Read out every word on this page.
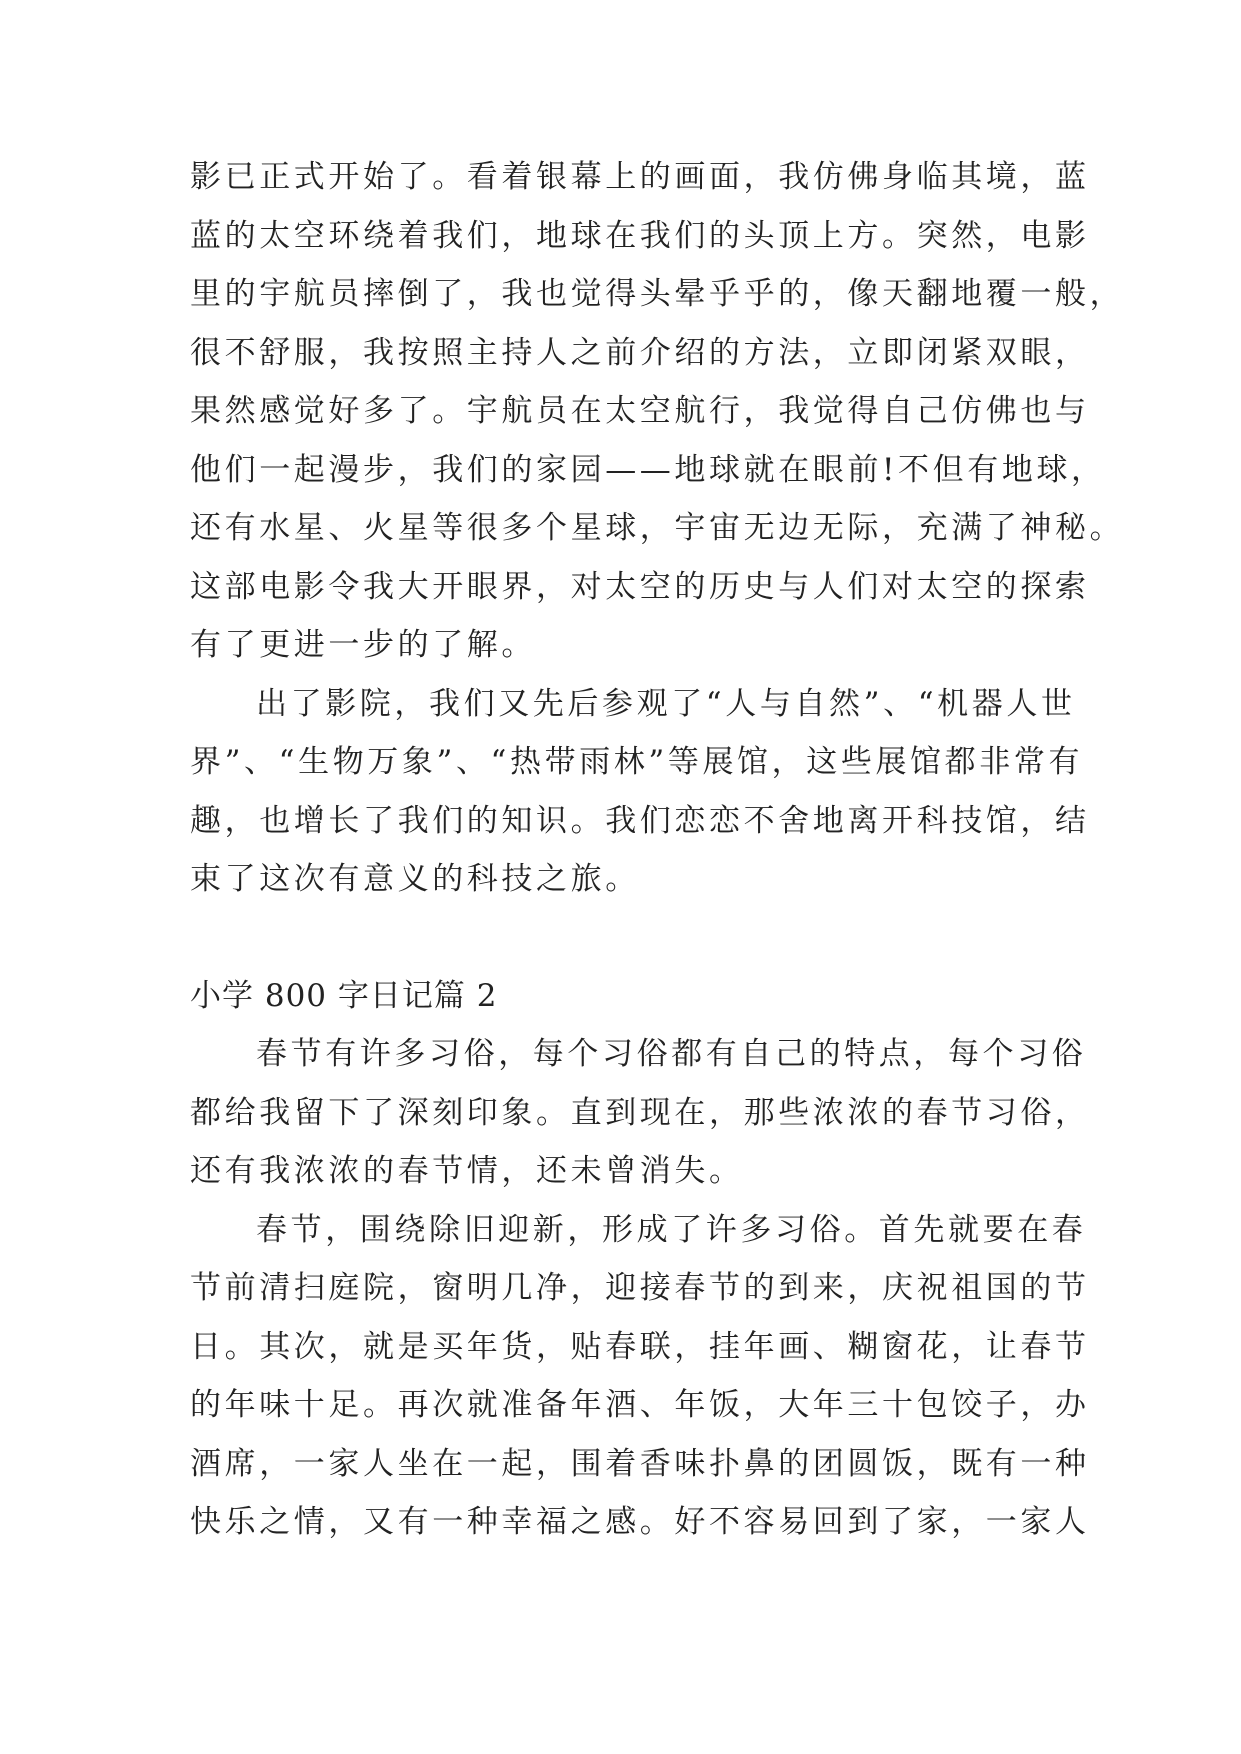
影已正式开始了。看着银幕上的画面，我仿佛身临其境，蓝
蓝的太空环绕着我们，地球在我们的头顶上方。突然，电影
里的宇航员摔倒了，我也觉得头晕乎乎的，像天翻地覆一般，
很不舒服，我按照主持人之前介绍的方法，立即闭紧双眼，
果然感觉好多了。宇航员在太空航行，我觉得自己仿佛也与
他们一起漫步，我们的家园——地球就在眼前!不但有地球，
还有水星、火星等很多个星球，宇宙无边无际，充满了神秘。
这部电影令我大开眼界，对太空的历史与人们对太空的探索
有了更进一步的了解。
出了影院，我们又先后参观了“人与自然”、“机器人世
界”、“生物万象”、“热带雨林”等展馆，这些展馆都非常有
趣，也增长了我们的知识。我们恋恋不舍地离开科技馆，结
束了这次有意义的科技之旅。
小学 800 字日记篇 2
春节有许多习俗，每个习俗都有自己的特点，每个习俗
都给我留下了深刻印象。直到现在，那些浓浓的春节习俗，
还有我浓浓的春节情，还未曾消失。
春节，围绕除旧迎新，形成了许多习俗。首先就要在春
节前清扫庭院，窗明几净，迎接春节的到来，庆祝祖国的节
日。其次，就是买年货，贴春联，挂年画、糊窗花，让春节
的年味十足。再次就准备年酒、年饭，大年三十包饺子，办
酒席，一家人坐在一起，围着香味扑鼻的团圆饭，既有一种
快乐之情，又有一种幸福之感。好不容易回到了家，一家人
